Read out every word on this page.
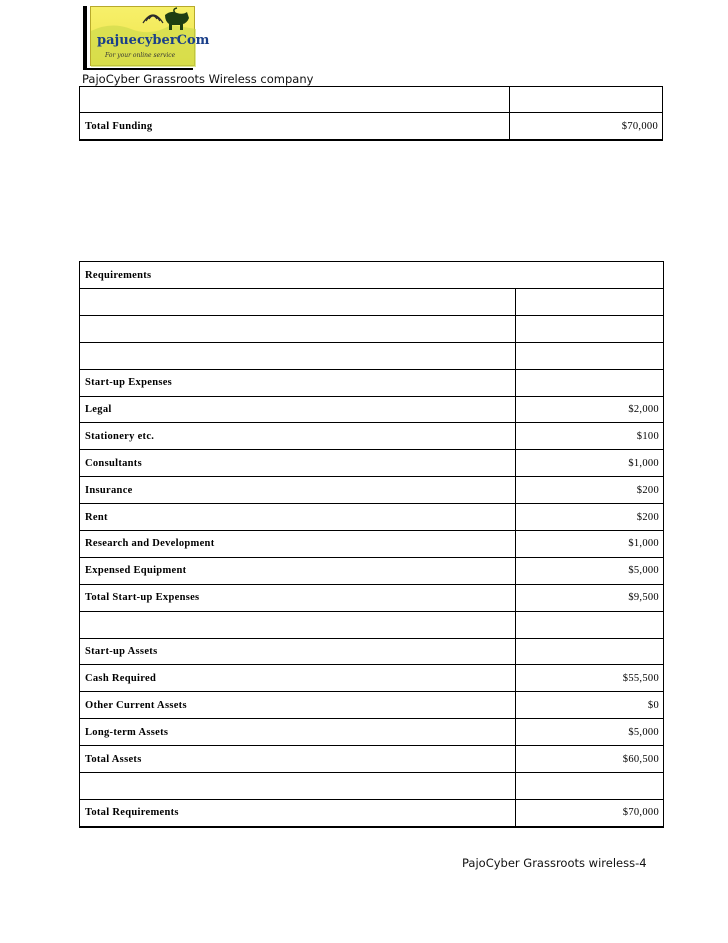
pajuecyberCom
For your online service
PajoCyber Grassroots Wireless company

Total Funding	$70,000
Requirements	

Start-up Expenses	
Legal	$2,000
Stationery etc.	$100
Consultants	$1,000
Insurance	$200
Rent	$200
Research and Development	$1,000
Expensed Equipment	$5,000
Total Start-up Expenses	$9,500

Start-up Assets	
Cash Required	$55,500
Other Current Assets	$0
Long-term Assets	$5,000
Total Assets	$60,500

Total Requirements	$70,000
PajoCyber Grassroots wireless-4
